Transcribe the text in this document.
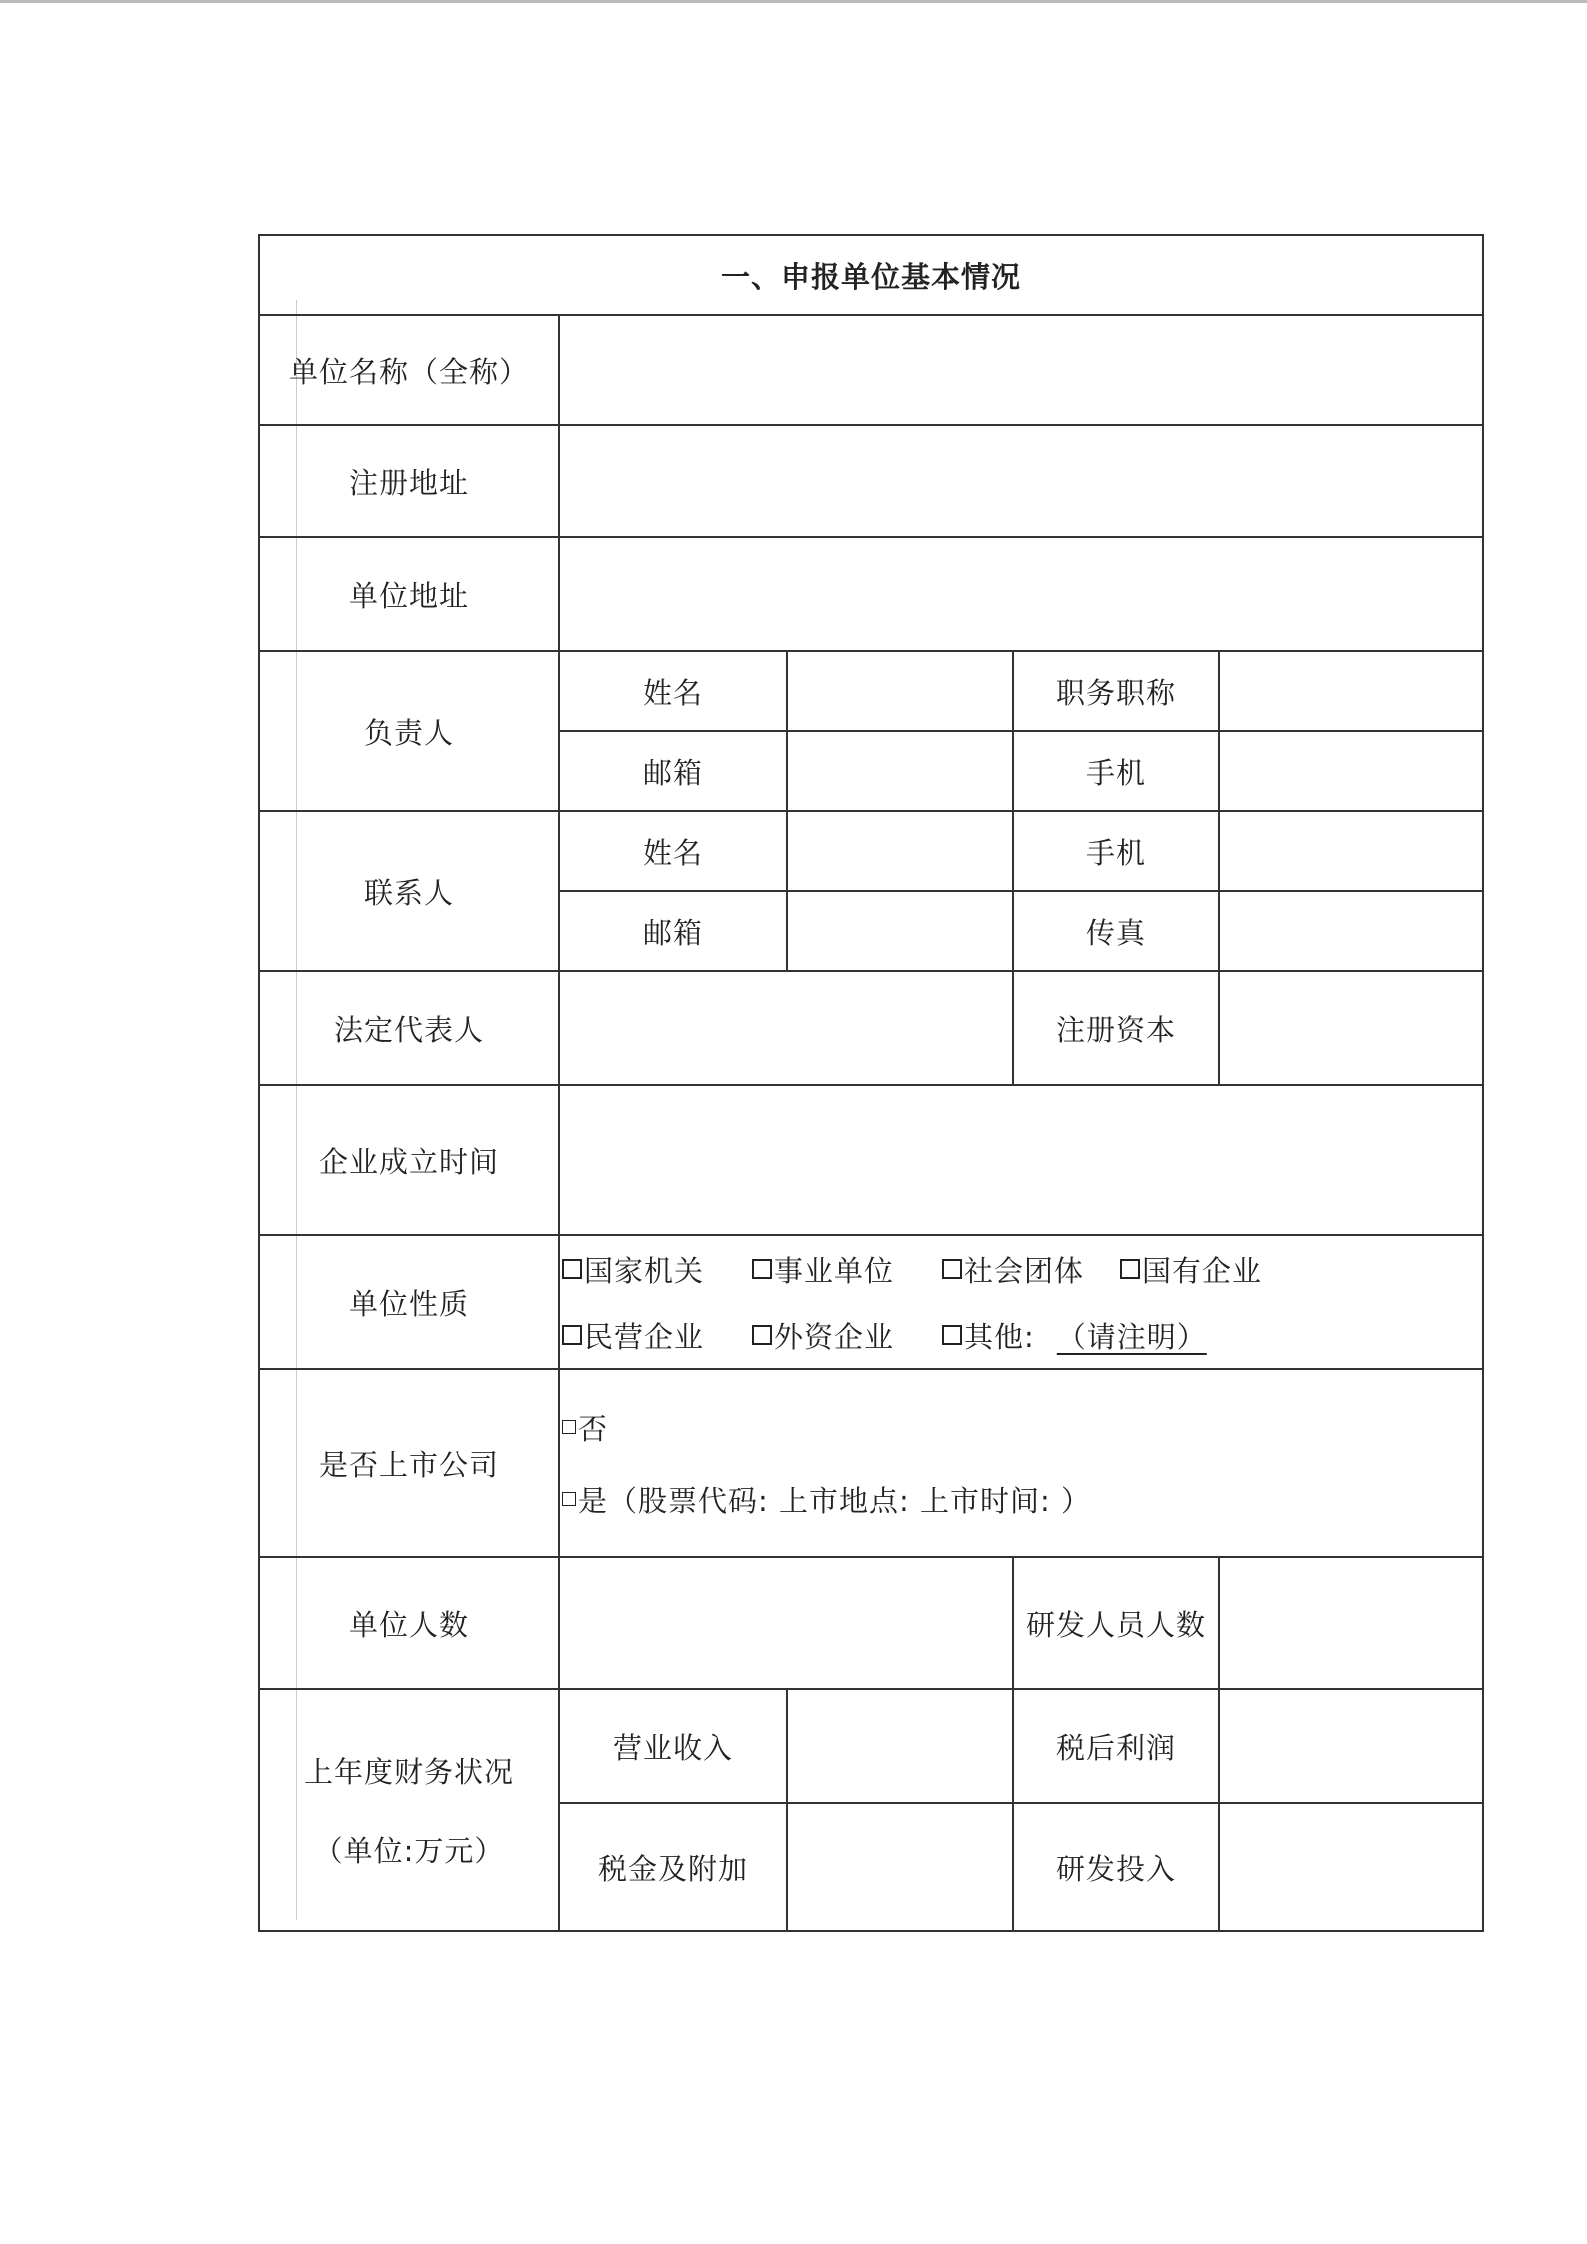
一、申报单位基本情况				
单位名称（全称）				
注册地址				
单位地址				
负责人	姓名		职务职称	
	邮箱		手机	
联系人	姓名		手机	
	邮箱		传真	
法定代表人			注册资本	
企业成立时间				
单位性质	
国家机关 事业单位 社会团体 国有企业
民营企业 外资企业 其他: （请注明）

是否上市公司	否
是（股票代码: 上市地点: 上市时间: ）			

单位人数			研发人员人数	

上年度财务状况
（单位:万元）	营业收入		税后利润	
	税金及附加		研发投入	
